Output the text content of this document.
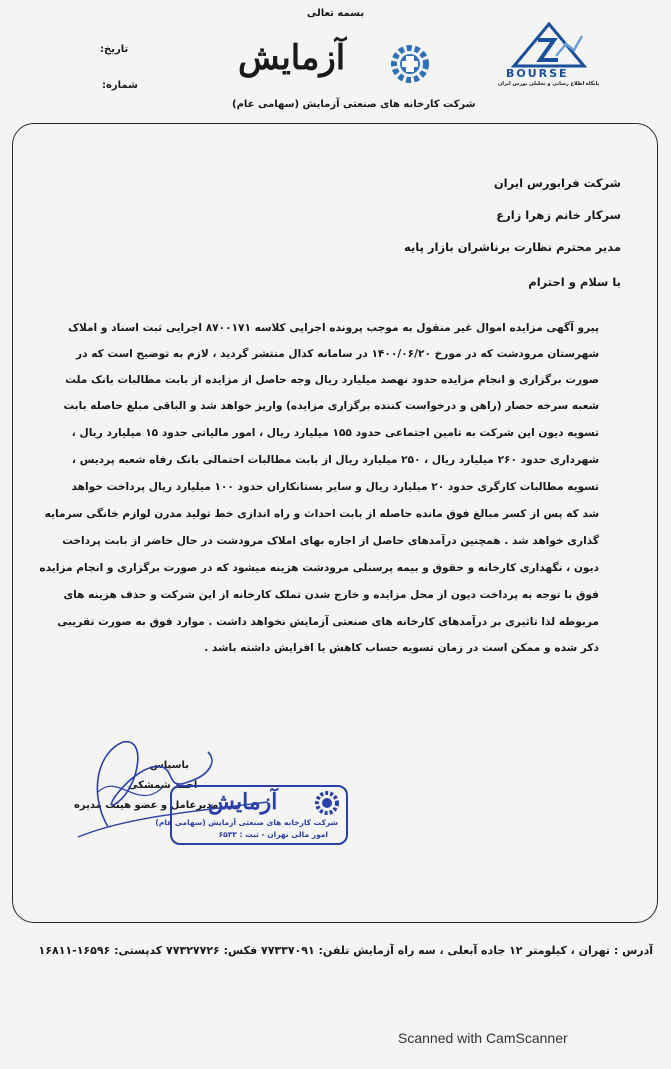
بسمه تعالی
تاریخ:
شماره:
آزمایش
شرکت کارخانه های صنعتی آزمایش (سهامی عام)
BOURSE
پایگاه اطلاع رسانی و تحلیلی بورس ایران
شرکت فرابورس ایران
سرکار خانم زهرا زارع
مدیر محترم نظارت برناشران بازار پایه
با سلام و احترام
پیرو آگهی مزایده اموال غیر منقول به موجب پرونده اجرایی کلاسه ۸۷۰۰۱۷۱ اجرایی ثبت اسناد و املاک
شهرستان مرودشت که در مورخ ۱۴۰۰/۰۶/۲۰ در سامانه کدال منتشر گردید ، لازم به توضیح است که در
صورت برگزاری و انجام مزایده حدود نهصد میلیارد ریال وجه حاصل از مزایده از بابت مطالبات بانک ملت
شعبه سرخه حصار (راهن و درخواست کننده برگزاری مزایده) واریز خواهد شد و الباقی مبلغ حاصله بابت
تسویه دیون این شرکت به تامین اجتماعی حدود ۱۵۵ میلیارد ریال ، امور مالیاتی حدود ۱۵ میلیارد ریال ،
شهرداری حدود ۲۶۰ میلیارد ریال ، ۲۵۰ میلیارد ریال از بابت مطالبات احتمالی بانک رفاه شعبه پردیس ،
تسویه مطالبات کارگری حدود ۲۰ میلیارد ریال و سایر بستانکاران حدود ۱۰۰ میلیارد ریال پرداخت خواهد
شد که پس از کسر مبالغ فوق مانده حاصله از بابت احداث و راه اندازی خط تولید مدرن لوازم خانگی سرمایه
گذاری خواهد شد . همچنین درآمدهای حاصل از اجاره بهای املاک مرودشت در حال حاضر از بابت پرداخت
دیون ، نگهداری کارخانه و حقوق و بیمه پرسنلی مرودشت هزینه میشود که در صورت برگزاری و انجام مزایده
فوق با توجه به پرداخت دیون از محل مزایده و خارج شدن تملک کارخانه از این شرکت و حذف هزینه های
مربوطه لذا تاثیری بر درآمدهای کارخانه های صنعتی آزمایش نخواهد داشت . موارد فوق به صورت تقریبی
ذکر شده و ممکن است در زمان تسویه حساب کاهش یا افزایش داشته باشد .
باسپاس
احمد شمشکی
مدیرعامل و عضو هیئت مدیره
آزمایش
شرکت کارخانه های صنعتی آزمایش (سهامی عام)
امور مالی تهران - ثبت : ۶۵۳۳
آدرس : تهران ، کیلومتر ۱۲ جاده آبعلی ، سه راه آزمایش تلفن: ۷۷۳۳۷۰۹۱ فکس: ۷۷۳۲۷۷۲۶ کدپستی: ۱۶۵۹۶-۱۶۸۱۱
Scanned with CamScanner
